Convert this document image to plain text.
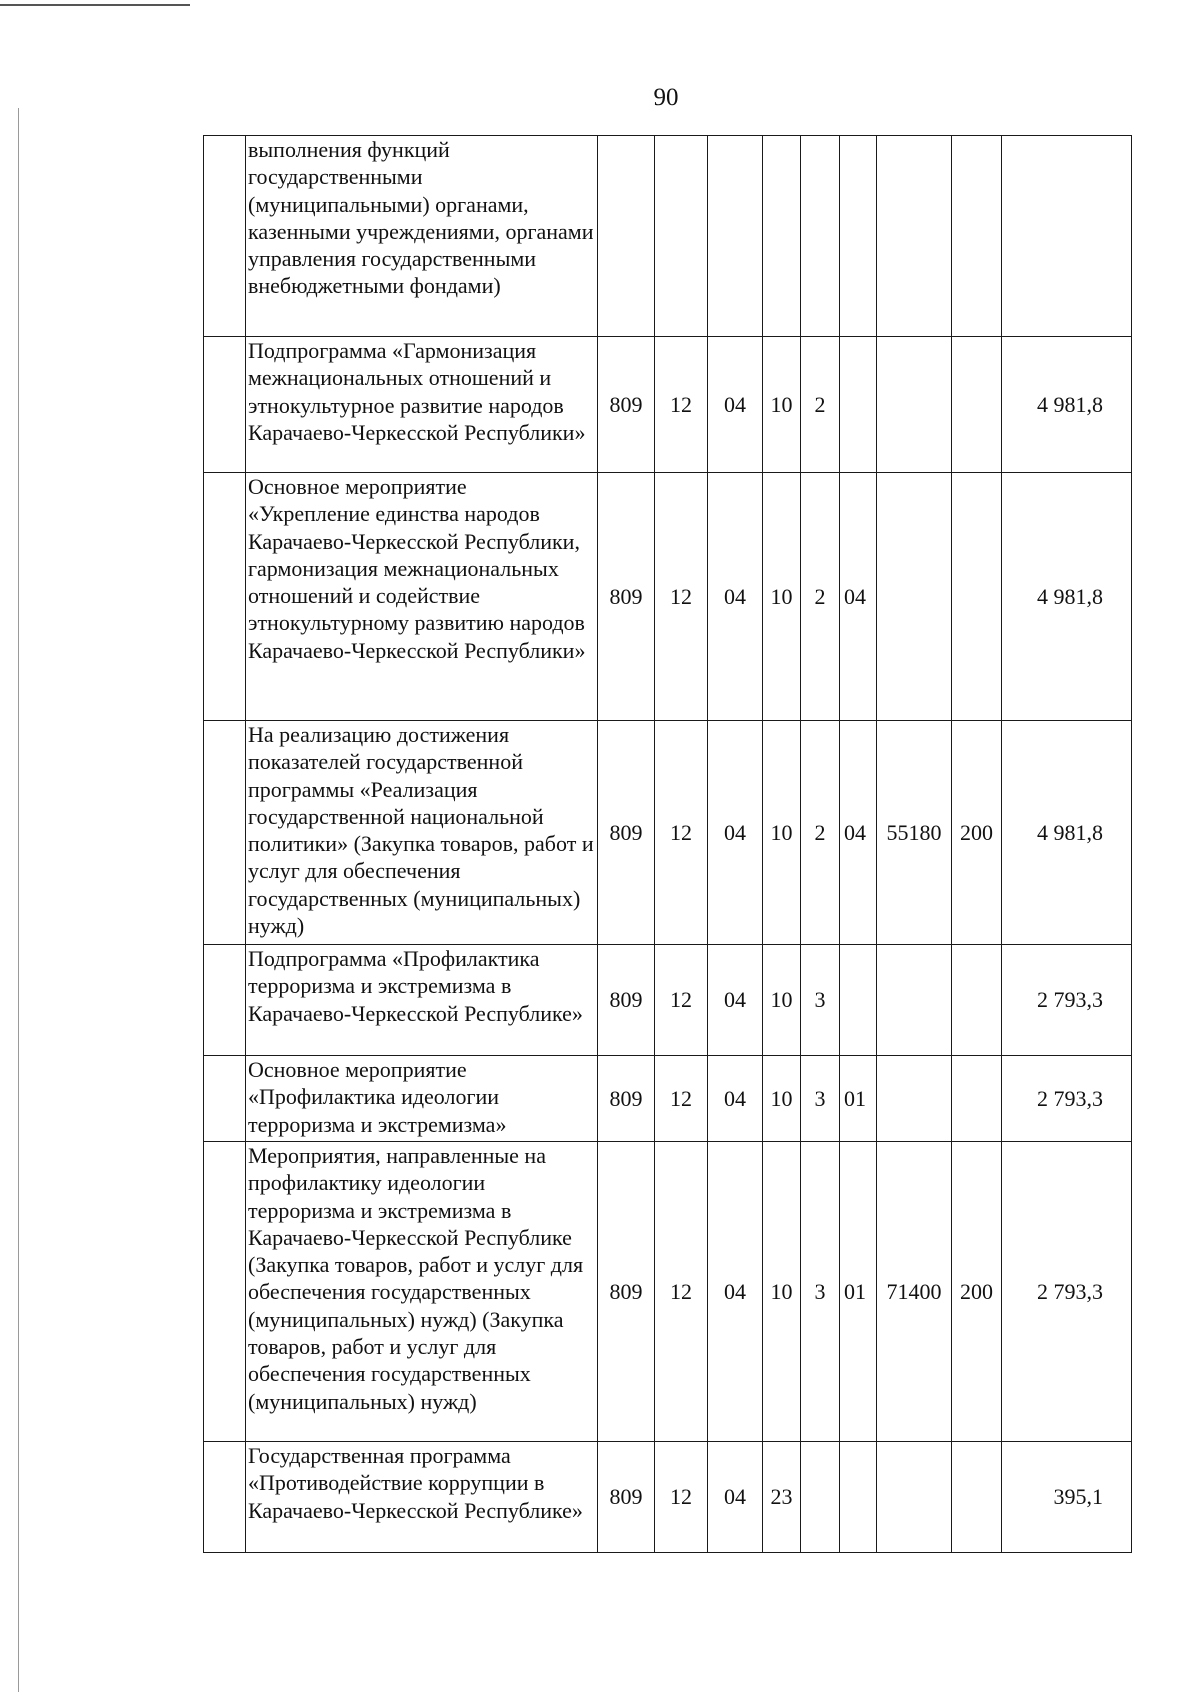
90
	выполнения функций государственными (муниципальными) органами, казенными учреждениями, органами управления государственными внебюджетными фондами)									
	Подпрограмма «Гармонизация межнациональных отношений и этнокультурное развитие народов Карачаево-Черкесской Республики»	809	12	04	10	2				4 981,8
	Основное мероприятие «Укрепление единства народов Карачаево-Черкесской Республики, гармонизация межнациональных отношений и содействие этнокультурному развитию народов Карачаево-Черкесской Республики»	809	12	04	10	2	04			4 981,8
	На реализацию достижения показателей государственной программы «Реализация государственной национальной политики» (Закупка товаров, работ и услуг для обеспечения государственных (муниципальных) нужд)	809	12	04	10	2	04	55180	200	4 981,8
	Подпрограмма «Профилактика терроризма и экстремизма в Карачаево-Черкесской Республике»	809	12	04	10	3				2 793,3
	Основное мероприятие «Профилактика идеологии терроризма и экстремизма»	809	12	04	10	3	01			2 793,3
	Мероприятия, направленные на профилактику идеологии терроризма и экстремизма в Карачаево-Черкесской Республике (Закупка товаров, работ и услуг для обеспечения государственных (муниципальных) нужд) (Закупка товаров, работ и услуг для обеспечения государственных (муниципальных) нужд)	809	12	04	10	3	01	71400	200	2 793,3
	Государственная программа «Противодействие коррупции в Карачаево-Черкесской Республике»	809	12	04	23					395,1
